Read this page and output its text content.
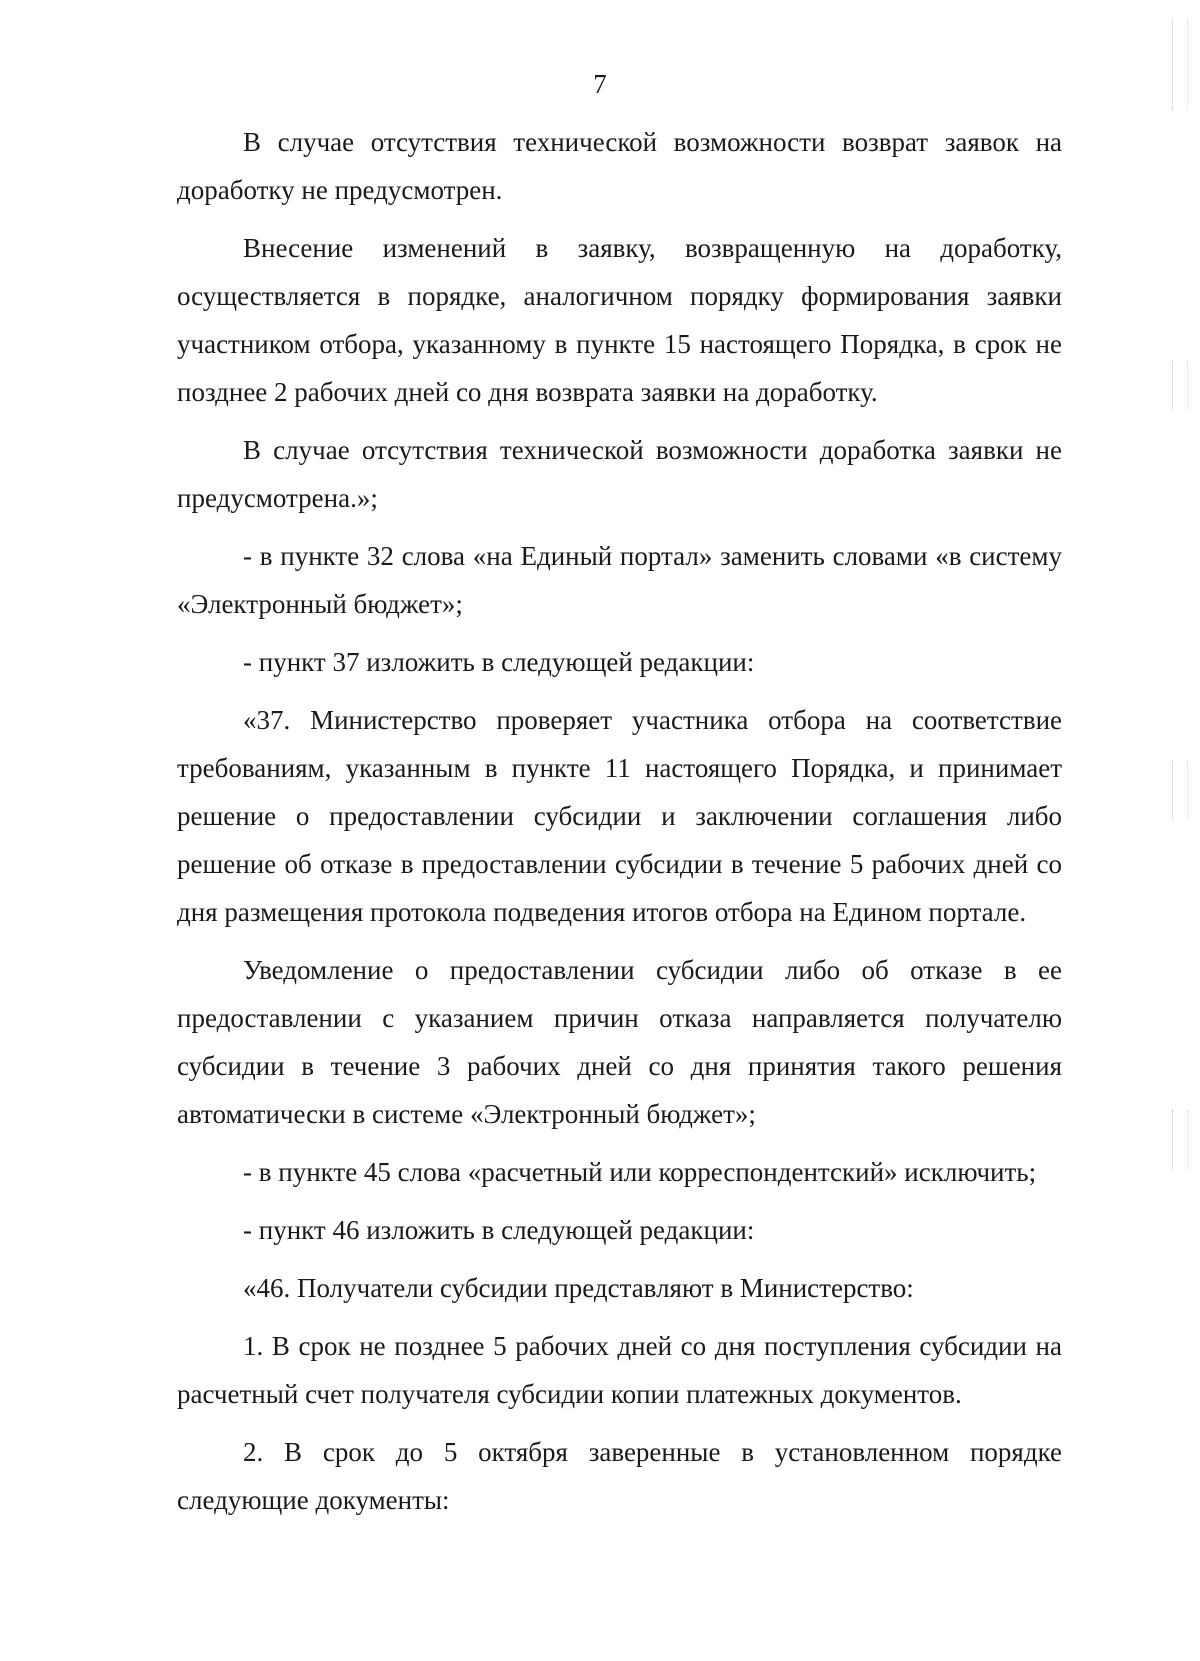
7

В случае отсутствия технической возможности возврат заявок на доработку не предусмотрен.

Внесение изменений в заявку, возвращенную на доработку, осуществляется в порядке, аналогичном порядку формирования заявки участником отбора, указанному в пункте 15 настоящего Порядка, в срок не позднее 2 рабочих дней со дня возврата заявки на доработку.

В случае отсутствия технической возможности доработка заявки не предусмотрена.»;

- в пункте 32 слова «на Единый портал» заменить словами «в систему «Электронный бюджет»;

- пункт 37 изложить в следующей редакции:

«37. Министерство проверяет участника отбора на соответствие требованиям, указанным в пункте 11 настоящего Порядка, и принимает решение о предоставлении субсидии и заключении соглашения либо решение об отказе в предоставлении субсидии в течение 5 рабочих дней со дня размещения протокола подведения итогов отбора на Едином портале.

Уведомление о предоставлении субсидии либо об отказе в ее предоставлении с указанием причин отказа направляется получателю субсидии в течение 3 рабочих дней со дня принятия такого решения автоматически в системе «Электронный бюджет»;

- в пункте 45 слова «расчетный или корреспондентский» исключить;

- пункт 46 изложить в следующей редакции:

«46. Получатели субсидии представляют в Министерство:

1. В срок не позднее 5 рабочих дней со дня поступления субсидии на расчетный счет получателя субсидии копии платежных документов.

2. В срок до 5 октября заверенные в установленном порядке следующие документы:
